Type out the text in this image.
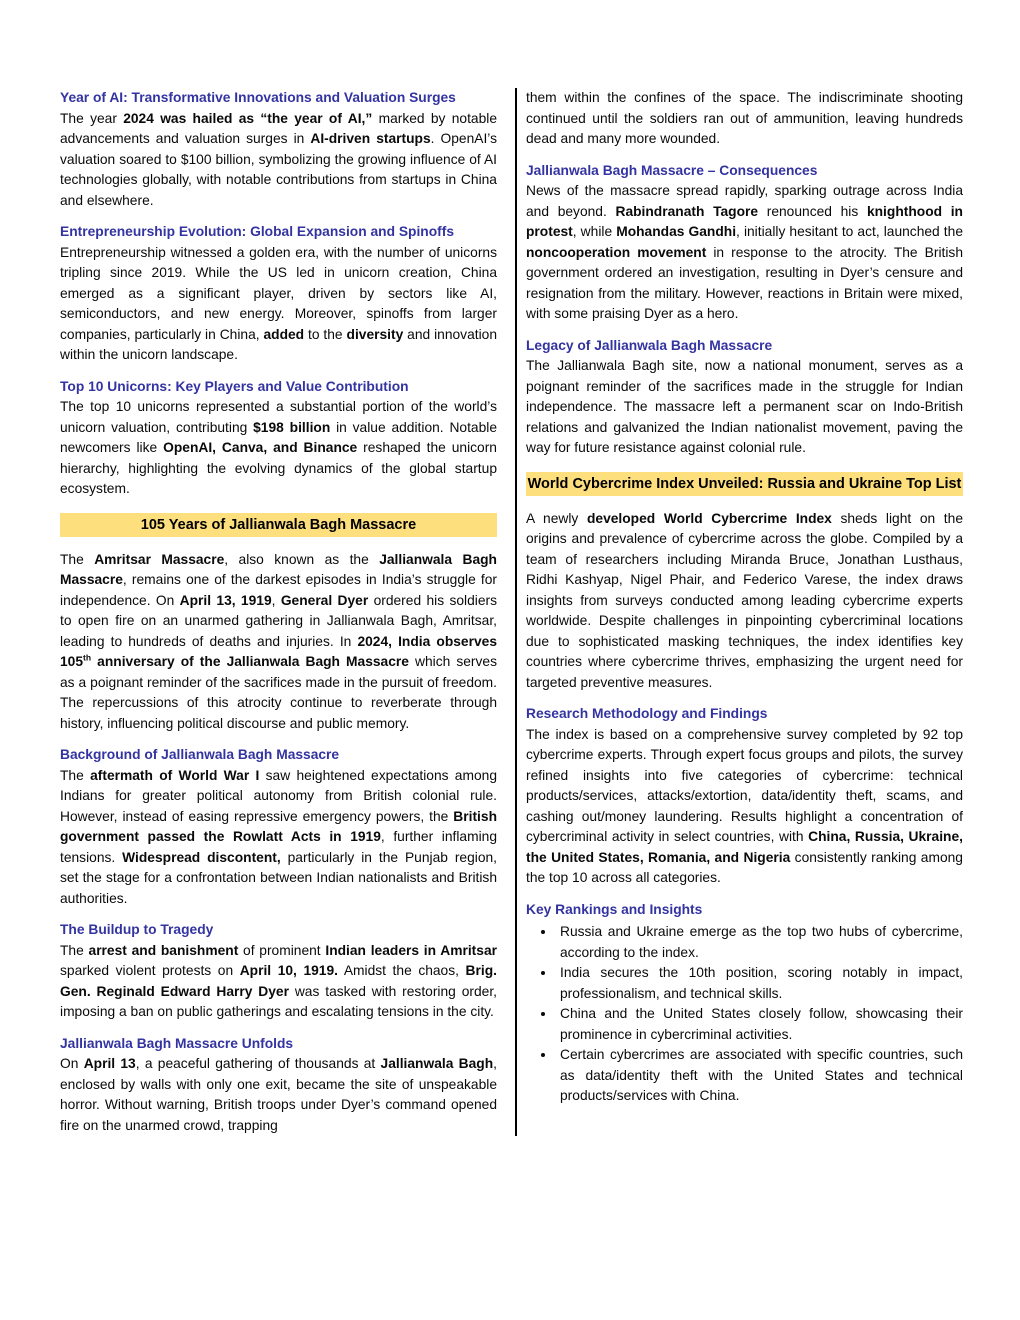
Year of AI: Transformative Innovations and Valuation Surges

The year 2024 was hailed as “the year of AI,” marked by notable advancements and valuation surges in AI-driven startups. OpenAI’s valuation soared to $100 billion, symbolizing the growing influence of AI technologies globally, with notable contributions from startups in China and elsewhere.

Entrepreneurship Evolution: Global Expansion and Spinoffs

Entrepreneurship witnessed a golden era, with the number of unicorns tripling since 2019. While the US led in unicorn creation, China emerged as a significant player, driven by sectors like AI, semiconductors, and new energy. Moreover, spinoffs from larger companies, particularly in China, added to the diversity and innovation within the unicorn landscape.

Top 10 Unicorns: Key Players and Value Contribution

The top 10 unicorns represented a substantial portion of the world’s unicorn valuation, contributing $198 billion in value addition. Notable newcomers like OpenAI, Canva, and Binance reshaped the unicorn hierarchy, highlighting the evolving dynamics of the global startup ecosystem.

105 Years of Jallianwala Bagh Massacre

The Amritsar Massacre, also known as the Jallianwala Bagh Massacre, remains one of the darkest episodes in India’s struggle for independence. On April 13, 1919, General Dyer ordered his soldiers to open fire on an unarmed gathering in Jallianwala Bagh, Amritsar, leading to hundreds of deaths and injuries. In 2024, India observes 105th anniversary of the Jallianwala Bagh Massacre which serves as a poignant reminder of the sacrifices made in the pursuit of freedom. The repercussions of this atrocity continue to reverberate through history, influencing political discourse and public memory.

Background of Jallianwala Bagh Massacre

The aftermath of World War I saw heightened expectations among Indians for greater political autonomy from British colonial rule. However, instead of easing repressive emergency powers, the British government passed the Rowlatt Acts in 1919, further inflaming tensions. Widespread discontent, particularly in the Punjab region, set the stage for a confrontation between Indian nationalists and British authorities.

The Buildup to Tragedy

The arrest and banishment of prominent Indian leaders in Amritsar sparked violent protests on April 10, 1919. Amidst the chaos, Brig. Gen. Reginald Edward Harry Dyer was tasked with restoring order, imposing a ban on public gatherings and escalating tensions in the city.

Jallianwala Bagh Massacre Unfolds

On April 13, a peaceful gathering of thousands at Jallianwala Bagh, enclosed by walls with only one exit, became the site of unspeakable horror. Without warning, British troops under Dyer’s command opened fire on the unarmed crowd, trapping

them within the confines of the space. The indiscriminate shooting continued until the soldiers ran out of ammunition, leaving hundreds dead and many more wounded.

Jallianwala Bagh Massacre – Consequences

News of the massacre spread rapidly, sparking outrage across India and beyond. Rabindranath Tagore renounced his knighthood in protest, while Mohandas Gandhi, initially hesitant to act, launched the noncooperation movement in response to the atrocity. The British government ordered an investigation, resulting in Dyer’s censure and resignation from the military. However, reactions in Britain were mixed, with some praising Dyer as a hero.

Legacy of Jallianwala Bagh Massacre

The Jallianwala Bagh site, now a national monument, serves as a poignant reminder of the sacrifices made in the struggle for Indian independence. The massacre left a permanent scar on Indo-British relations and galvanized the Indian nationalist movement, paving the way for future resistance against colonial rule.

World Cybercrime Index Unveiled: Russia and Ukraine Top List

A newly developed World Cybercrime Index sheds light on the origins and prevalence of cybercrime across the globe. Compiled by a team of researchers including Miranda Bruce, Jonathan Lusthaus, Ridhi Kashyap, Nigel Phair, and Federico Varese, the index draws insights from surveys conducted among leading cybercrime experts worldwide. Despite challenges in pinpointing cybercriminal locations due to sophisticated masking techniques, the index identifies key countries where cybercrime thrives, emphasizing the urgent need for targeted preventive measures.

Research Methodology and Findings

The index is based on a comprehensive survey completed by 92 top cybercrime experts. Through expert focus groups and pilots, the survey refined insights into five categories of cybercrime: technical products/services, attacks/extortion, data/identity theft, scams, and cashing out/money laundering. Results highlight a concentration of cybercriminal activity in select countries, with China, Russia, Ukraine, the United States, Romania, and Nigeria consistently ranking among the top 10 across all categories.

Key Rankings and Insights
• Russia and Ukraine emerge as the top two hubs of cybercrime, according to the index.
• India secures the 10th position, scoring notably in impact, professionalism, and technical skills.
• China and the United States closely follow, showcasing their prominence in cybercriminal activities.
• Certain cybercrimes are associated with specific countries, such as data/identity theft with the United States and technical products/services with China.
